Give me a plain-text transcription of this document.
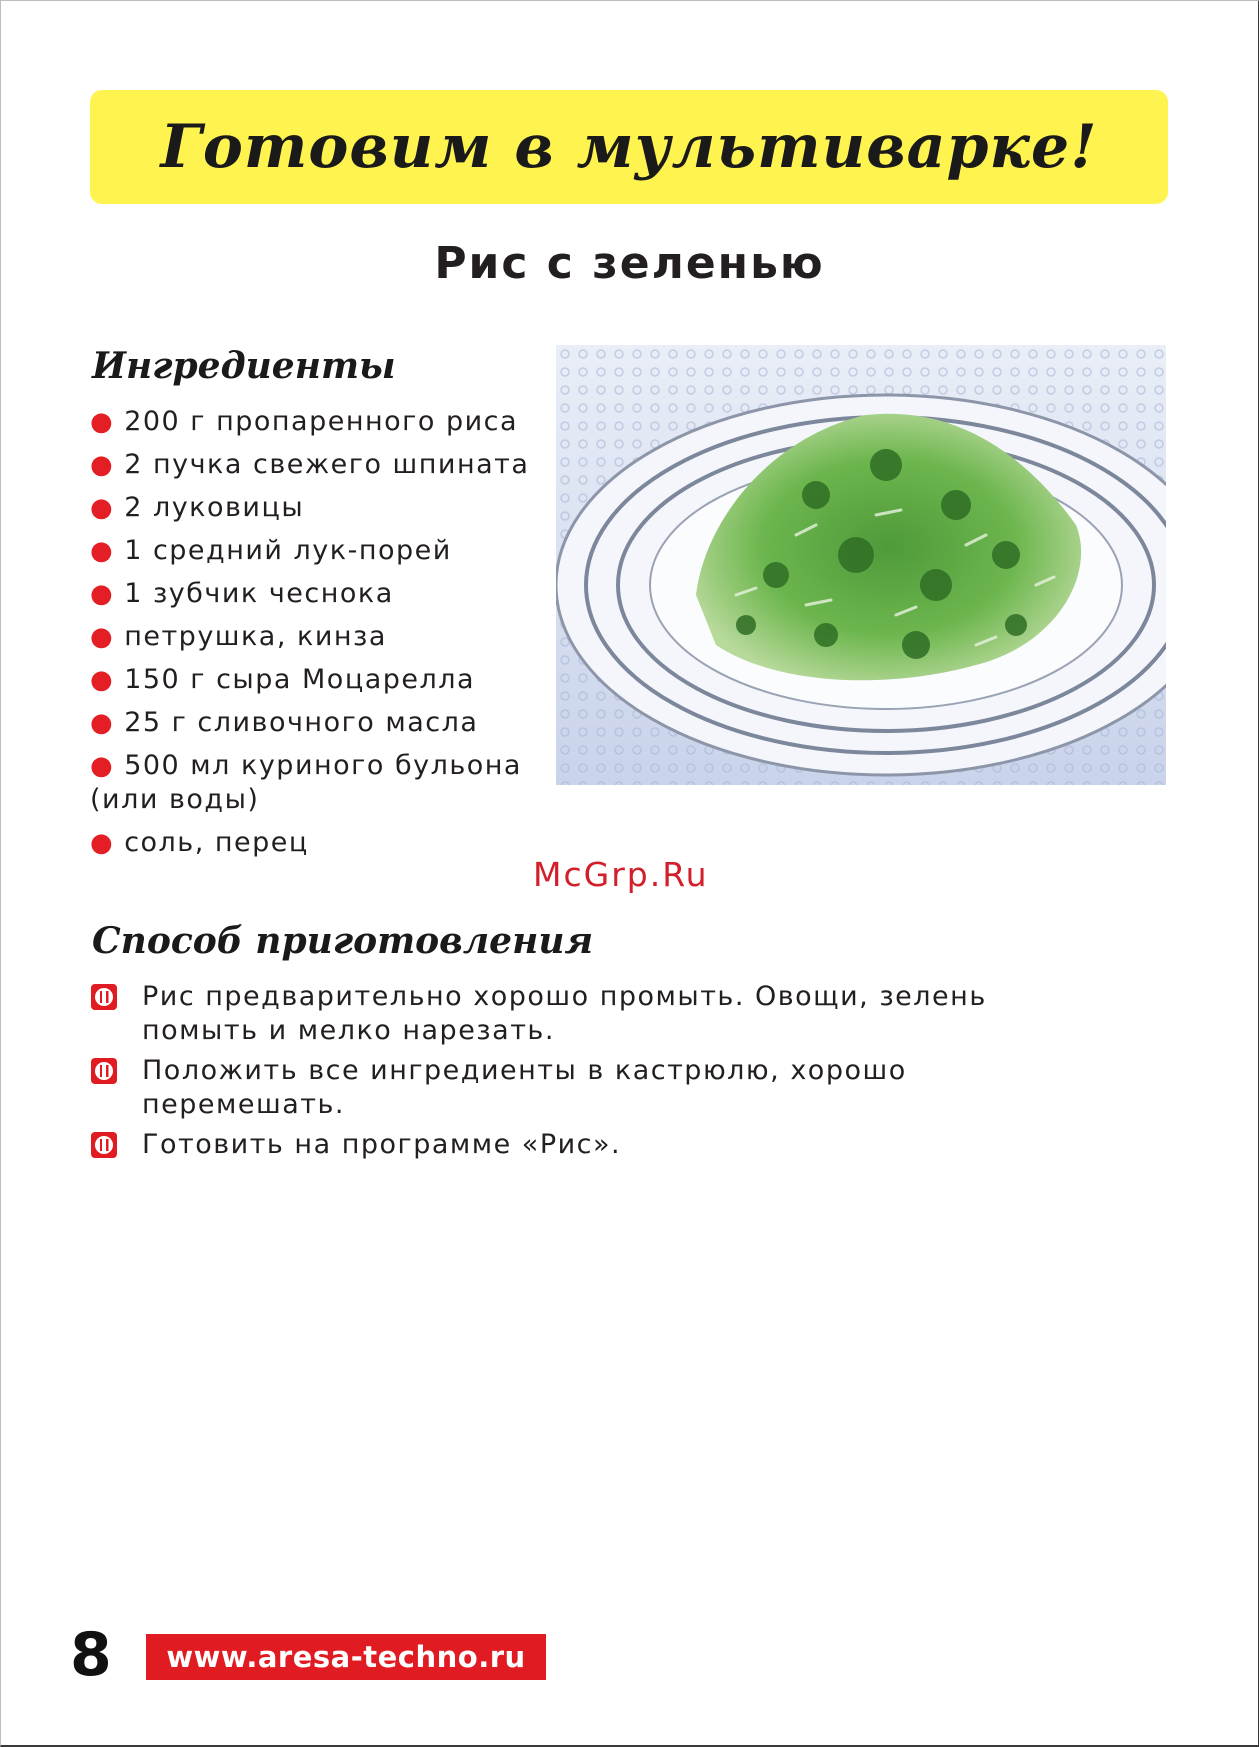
Готовим в мультиварке!
Рис с зеленью
Ингредиенты
● 200 г пропаренного риса
● 2 пучка свежего шпината
● 2 луковицы
● 1 средний лук-порей
● 1 зубчик чеснока
● петрушка, кинза
● 150 г сыра Моцарелла
● 25 г сливочного масла
● 500 мл куриного бульона (или воды)
● соль, перец
McGrp.Ru
Способ приготовления
Рис предварительно хорошо промыть. Овощи, зелень помыть и мелко нарезать.
Положить все ингредиенты в кастрюлю, хорошо перемешать.
Готовить на программе «Рис».
8	www.aresa-techno.ru
